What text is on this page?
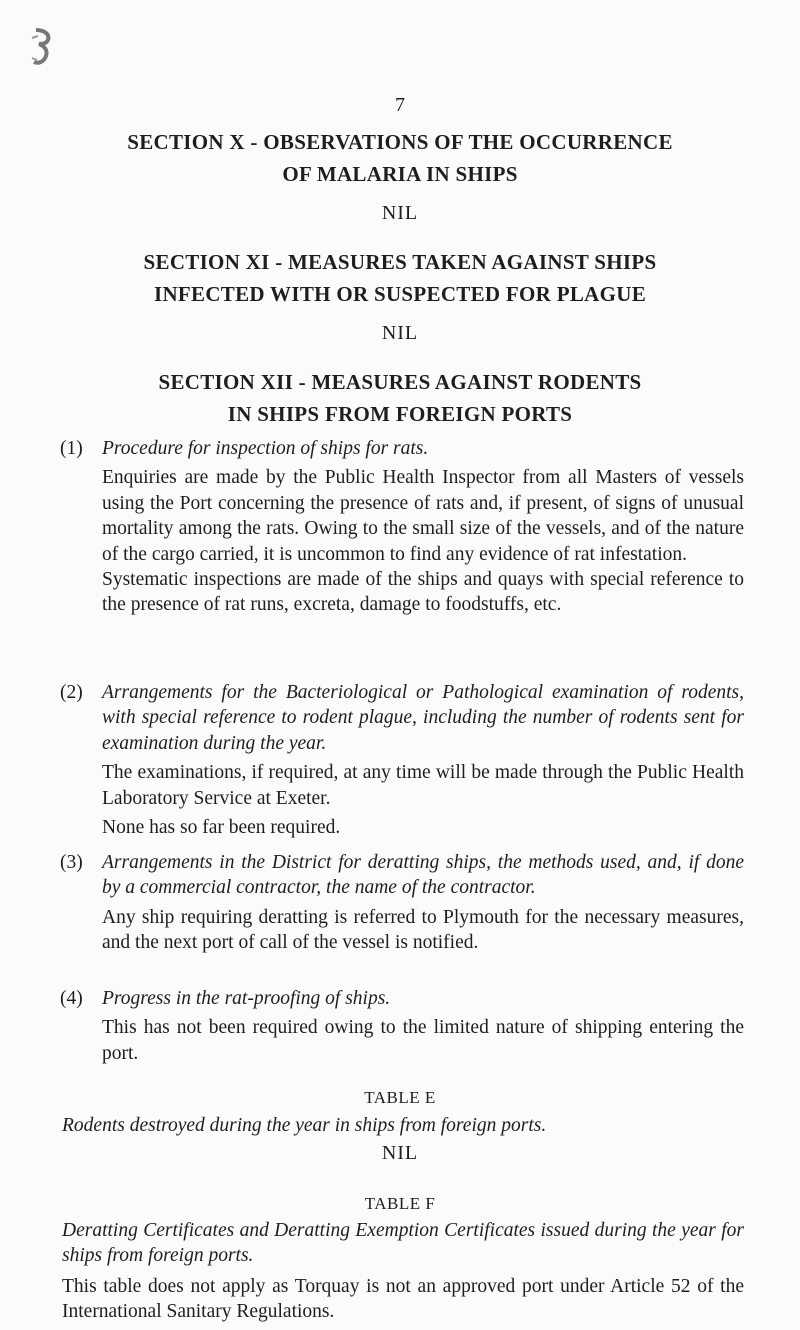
7
SECTION X - OBSERVATIONS OF THE OCCURRENCE
OF MALARIA IN SHIPS
NIL
SECTION XI - MEASURES TAKEN AGAINST SHIPS
INFECTED WITH OR SUSPECTED FOR PLAGUE
NIL
SECTION XII - MEASURES AGAINST RODENTS
IN SHIPS FROM FOREIGN PORTS
(1) Procedure for inspection of ships for rats.

Enquiries are made by the Public Health Inspector from all Masters of vessels using the Port concerning the presence of rats and, if present, of signs of unusual mortality among the rats. Owing to the small size of the vessels, and of the nature of the cargo carried, it is uncommon to find any evidence of rat infestation.

Systematic inspections are made of the ships and quays with special reference to the presence of rat runs, excreta, damage to foodstuffs, etc.

(2) Arrangements for the Bacteriological or Pathological examination of rodents, with special reference to rodent plague, including the number of rodents sent for examination during the year.

The examinations, if required, at any time will be made through the Public Health Laboratory Service at Exeter.

None has so far been required.

(3) Arrangements in the District for deratting ships, the methods used, and, if done by a commercial contractor, the name of the contractor.

Any ship requiring deratting is referred to Plymouth for the necessary measures, and the next port of call of the vessel is notified.

(4) Progress in the rat-proofing of ships.

This has not been required owing to the limited nature of shipping entering the port.

TABLE E
Rodents destroyed during the year in ships from foreign ports.
NIL
TABLE F
Deratting Certificates and Deratting Exemption Certificates issued during the year for ships from foreign ports.
This table does not apply as Torquay is not an approved port under Article 52 of the International Sanitary Regulations.
